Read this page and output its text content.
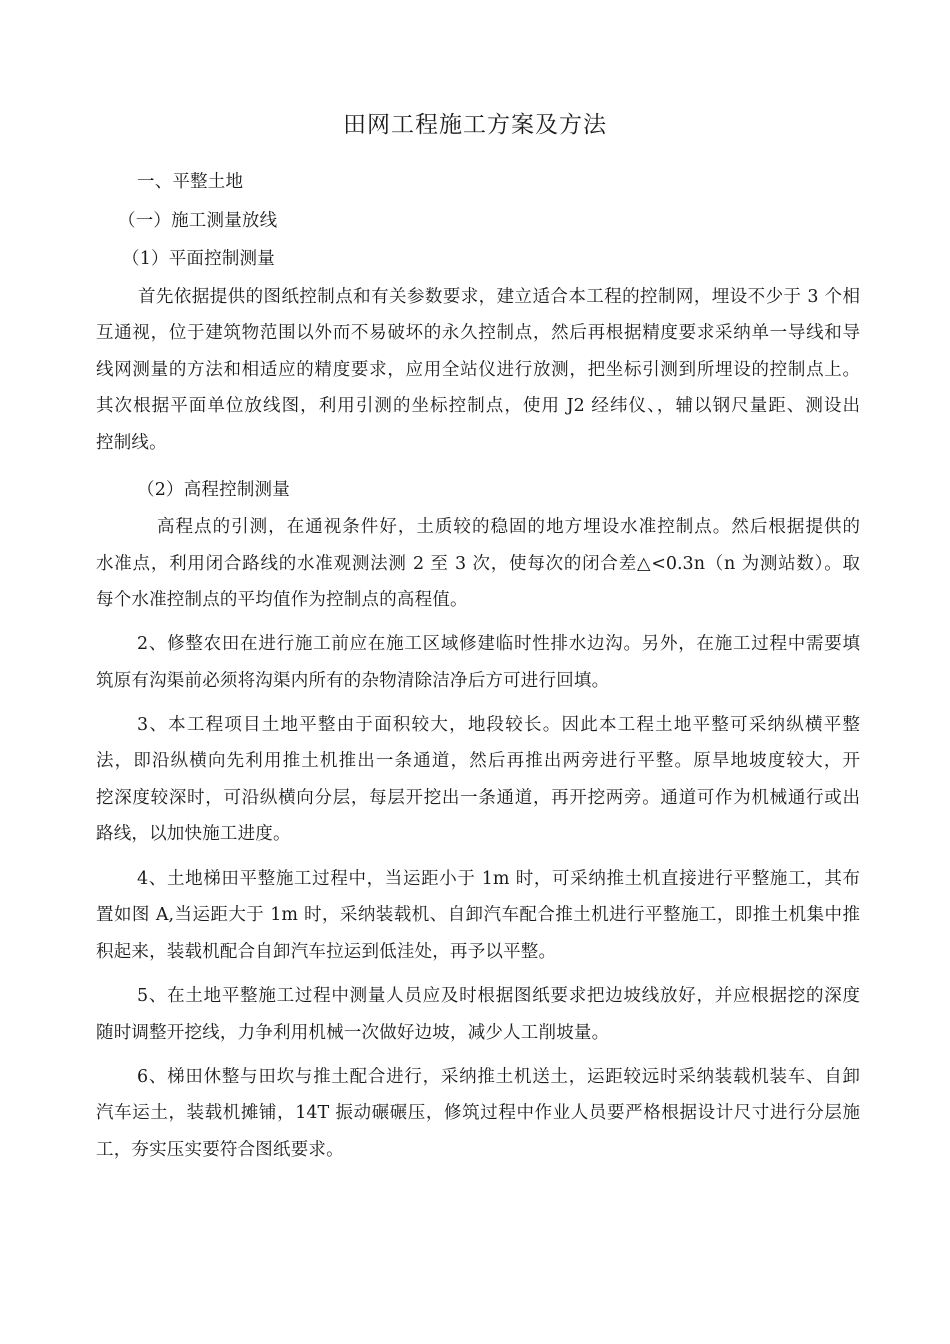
田网工程施工方案及方法
一、平整土地
（一）施工测量放线
（1）平面控制测量
首先依据提供的图纸控制点和有关参数要求，建立适合本工程的控制网，埋设不少于 3 个相
互通视，位于建筑物范围以外而不易破坏的永久控制点，然后再根据精度要求采纳单一导线和导
线网测量的方法和相适应的精度要求，应用全站仪进行放测，把坐标引测到所埋设的控制点上。
其次根据平面单位放线图，利用引测的坐标控制点，使用 J2 经纬仪、，辅以钢尺量距、测设出
控制线。
（2）高程控制测量
高程点的引测，在通视条件好，土质较的稳固的地方埋设水准控制点。然后根据提供的
水准点，利用闭合路线的水准观测法测 2 至 3 次，使每次的闭合差△<0.3n（n 为测站数）。取
每个水准控制点的平均值作为控制点的高程值。
2、修整农田在进行施工前应在施工区域修建临时性排水边沟。另外，在施工过程中需要填
筑原有沟渠前必须将沟渠内所有的杂物清除洁净后方可进行回填。
3、本工程项目土地平整由于面积较大，地段较长。因此本工程土地平整可采纳纵横平整
法，即沿纵横向先利用推土机推出一条通道，然后再推出两旁进行平整。原旱地坡度较大，开
挖深度较深时，可沿纵横向分层，每层开挖出一条通道，再开挖两旁。通道可作为机械通行或出
路线，以加快施工进度。
4、土地梯田平整施工过程中，当运距小于 1m 时，可采纳推土机直接进行平整施工，其布
置如图 A,当运距大于 1m 时，采纳装载机、自卸汽车配合推土机进行平整施工，即推土机集中推
积起来，装载机配合自卸汽车拉运到低洼处，再予以平整。
5、在土地平整施工过程中测量人员应及时根据图纸要求把边坡线放好，并应根据挖的深度
随时调整开挖线，力争利用机械一次做好边坡，减少人工削坡量。
6、梯田休整与田坎与推土配合进行，采纳推土机送土，运距较远时采纳装载机装车、自卸
汽车运土，装载机摊铺，14T 振动碾碾压，修筑过程中作业人员要严格根据设计尺寸进行分层施
工，夯实压实要符合图纸要求。
